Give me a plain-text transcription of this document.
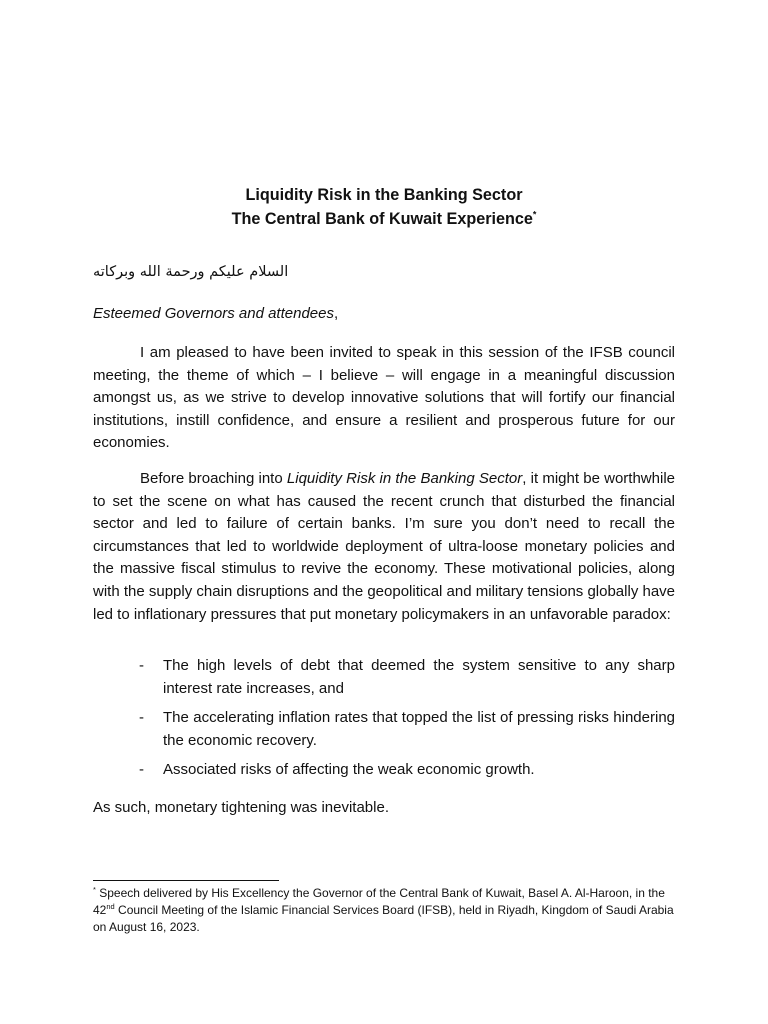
Liquidity Risk in the Banking Sector
The Central Bank of Kuwait Experience*
السلام عليكم ورحمة الله وبركاته
Esteemed Governors and attendees,
I am pleased to have been invited to speak in this session of the IFSB council meeting, the theme of which – I believe – will engage in a meaningful discussion amongst us, as we strive to develop innovative solutions that will fortify our financial institutions, instill confidence, and ensure a resilient and prosperous future for our economies.
Before broaching into Liquidity Risk in the Banking Sector, it might be worthwhile to set the scene on what has caused the recent crunch that disturbed the financial sector and led to failure of certain banks. I’m sure you don’t need to recall the circumstances that led to worldwide deployment of ultra-loose monetary policies and the massive fiscal stimulus to revive the economy. These motivational policies, along with the supply chain disruptions and the geopolitical and military tensions globally have led to inflationary pressures that put monetary policymakers in an unfavorable paradox:
- The high levels of debt that deemed the system sensitive to any sharp interest rate increases, and
- The accelerating inflation rates that topped the list of pressing risks hindering the economic recovery.
- Associated risks of affecting the weak economic growth.
As such, monetary tightening was inevitable.
* Speech delivered by His Excellency the Governor of the Central Bank of Kuwait, Basel A. Al-Haroon, in the 42nd Council Meeting of the Islamic Financial Services Board (IFSB), held in Riyadh, Kingdom of Saudi Arabia on August 16, 2023.
